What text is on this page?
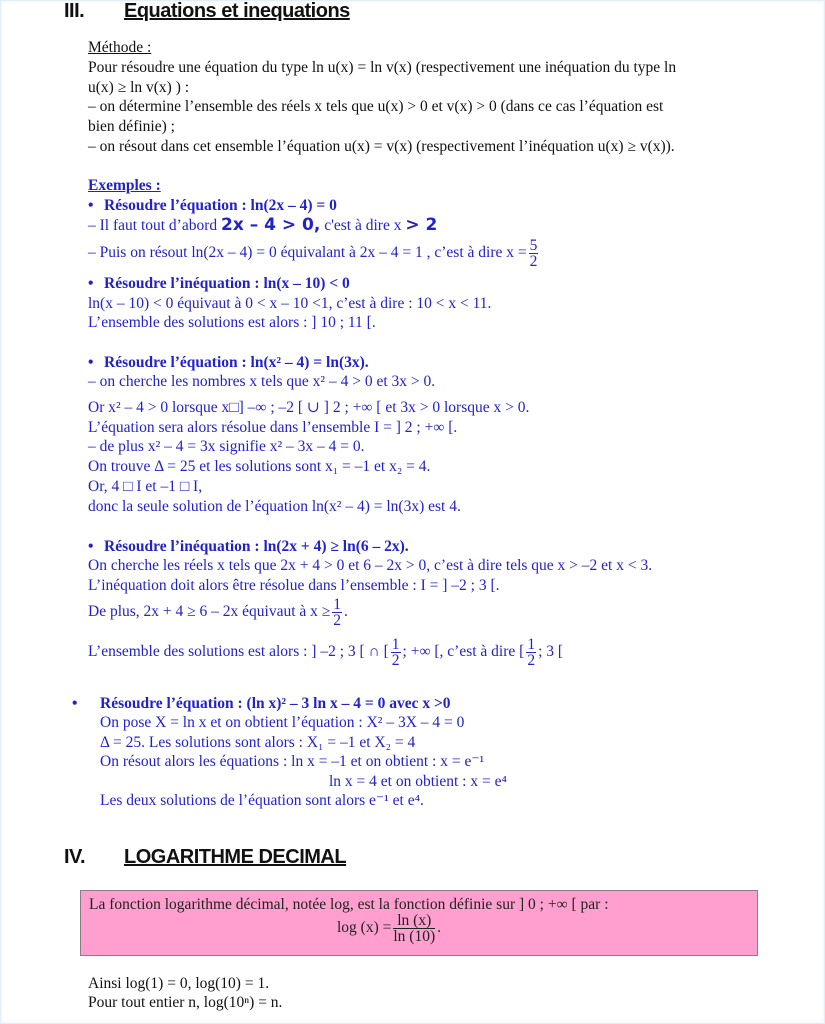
III. Equations et inequations
Méthode :
Pour résoudre une équation du type ln u(x) = ln v(x) (respectivement une inéquation du type ln
u(x) ≥ ln v(x) ) :
– on détermine l’ensemble des réels x tels que u(x) > 0 et v(x) > 0 (dans ce cas l’équation est
bien définie) ;
– on résout dans cet ensemble l’équation u(x) = v(x) (respectivement l’inéquation u(x) ≥ v(x)).
Exemples :
• Résoudre l’équation : ln(2x – 4) = 0
– Il faut tout d’abord 2x – 4 > 0, c'est à dire x > 2
– Puis on résout ln(2x – 4) = 0 équivalant à 2x – 4 = 1 , c’est à dire $x = \frac{5}{2}$
• Résoudre l’inéquation : ln(x – 10) < 0
ln(x – 10) < 0 équivaut à 0 < x – 10 <1, c’est à dire : 10 < x < 11.
L’ensemble des solutions est alors : ] 10 ; 11 [.
• Résoudre l’équation : ln(x² – 4) = ln(3x).
– on cherche les nombres x tels que x² – 4 > 0 et 3x > 0.
Or x² – 4 > 0 lorsque x□] –∞ ; –2 [ ∪ ] 2 ; +∞ [ et 3x > 0 lorsque x > 0.
L’équation sera alors résolue dans l’ensemble I = ] 2 ; +∞ [.
– de plus x² – 4 = 3x signifie x² – 3x – 4 = 0.
On trouve Δ = 25 et les solutions sont x₁ = –1 et x₂ = 4.
Or, 4 □ I et –1 □ I,
donc la seule solution de l’équation ln(x² – 4) = ln(3x) est 4.
• Résoudre l’inéquation : ln(2x + 4) ≥ ln(6 – 2x).
On cherche les réels x tels que 2x + 4 > 0 et 6 – 2x > 0, c’est à dire tels que x > –2 et x < 3.
L’inéquation doit alors être résolue dans l’ensemble : I = ] –2 ; 3 [.
De plus, 2x + 4 ≥ 6 – 2x équivaut à $x \ge \frac{1}{2}$ .
L’ensemble des solutions est alors : ] –2 ; 3 [ ∩ [ $\frac{1}{2}$ ; +∞ [, c’est à dire [ $\frac{1}{2}$ ; 3 [
• Résoudre l’équation : (ln x)² – 3 ln x – 4 = 0 avec x >0
On pose X = ln x et on obtient l’équation : X² – 3X – 4 = 0
Δ = 25. Les solutions sont alors : X₁ = –1 et X₂ = 4
On résout alors les équations : ln x = –1 et on obtient : x = e⁻¹
ln x = 4 et on obtient : x = e⁴
Les deux solutions de l’équation sont alors e⁻¹ et e⁴.
IV. LOGARITHME DECIMAL
La fonction logarithme décimal, notée log, est la fonction définie sur ] 0 ; +∞ [ par :
$\log (x) = \frac{\ln (x)}{\ln (10)}$ .
Ainsi log(1) = 0, log(10) = 1.
Pour tout entier n, log(10ⁿ) = n.
